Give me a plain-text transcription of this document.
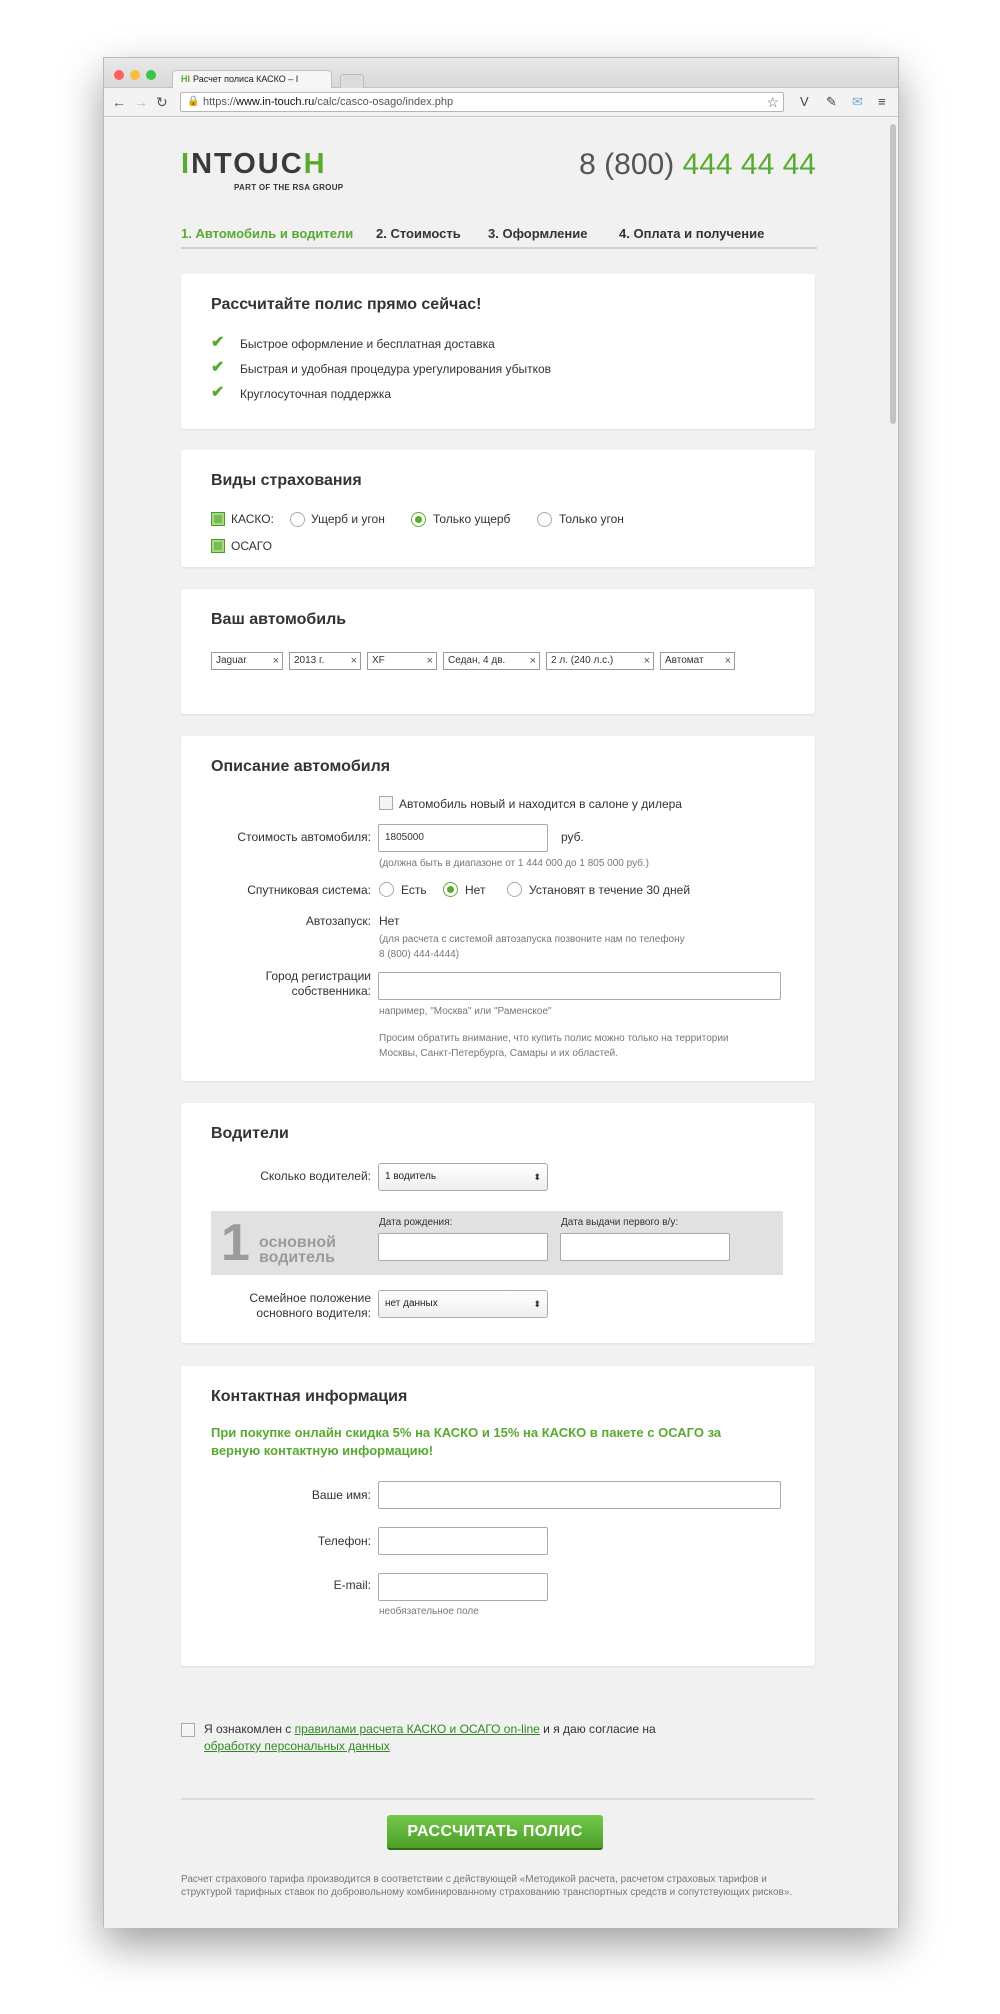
HI Расчет полиса КАСКО – I
← → ↻ 🔒 https://www.in-touch.ru/calc/casco-osago/index.php	☆ V ✎ ✉ ≡
INTOUCH
PART OF THE RSA GROUP
8 (800) 444 44 44
1. Автомобиль и водители 2. Стоимость 3. Оформление 4. Оплата и получение
Рассчитайте полис прямо сейчас!
✔ Быстрое оформление и бесплатная доставка
✔ Быстрая и удобная процедура урегулирования убытков
✔ Круглосуточная поддержка
Виды страхования
КАСКО:	Ущерб и угон	Только ущерб	Только угон
ОСАГО
Ваш автомобиль
Jaguar ×	2013 г. ×	XF	×	Седан, 4 дв. ×	2 л. (240 л.с.)	×	Автомат ×
Описание автомобиля
Автомобиль новый и находится в салоне у дилера
Стоимость автомобиля:	1805000	руб.
(должна быть в диапазоне от 1 444 000 до 1 805 000 руб.)
Спутниковая система:	Есть	Нет	Установят в течение 30 дней
Автозапуск: Нет
(для расчета с системой автозапуска позвоните нам по телефону
8 (800) 444-4444)
Город регистрации
собственника:
например, "Москва" или "Раменское"
Просим обратить внимание, что купить полис можно только на территории
Москвы, Санкт-Петербурга, Самары и их областей.
Водители
Сколько водителей:	1 водитель	⬍
1 основной
водитель
Дата рождения:	Дата выдачи первого в/у:
Семейное положение
основного водителя:
нет данных	⬍
Контактная информация
При покупке онлайн скидка 5% на КАСКО и 15% на КАСКО в пакете с ОСАГО за верную контактную информацию!
Ваше имя:
Телефон:
E-mail:
необязательное поле
Я ознакомлен с правилами расчета КАСКО и ОСАГО on-line и я даю согласие на
обработку персональных данных
РАССЧИТАТЬ ПОЛИС
Расчет страхового тарифа производится в соответствии с действующей «Методикой расчета, расчетом страховых тарифов и структурой тарифных ставок по добровольному комбинированному страхованию транспортных средств и сопутствующих рисков».
